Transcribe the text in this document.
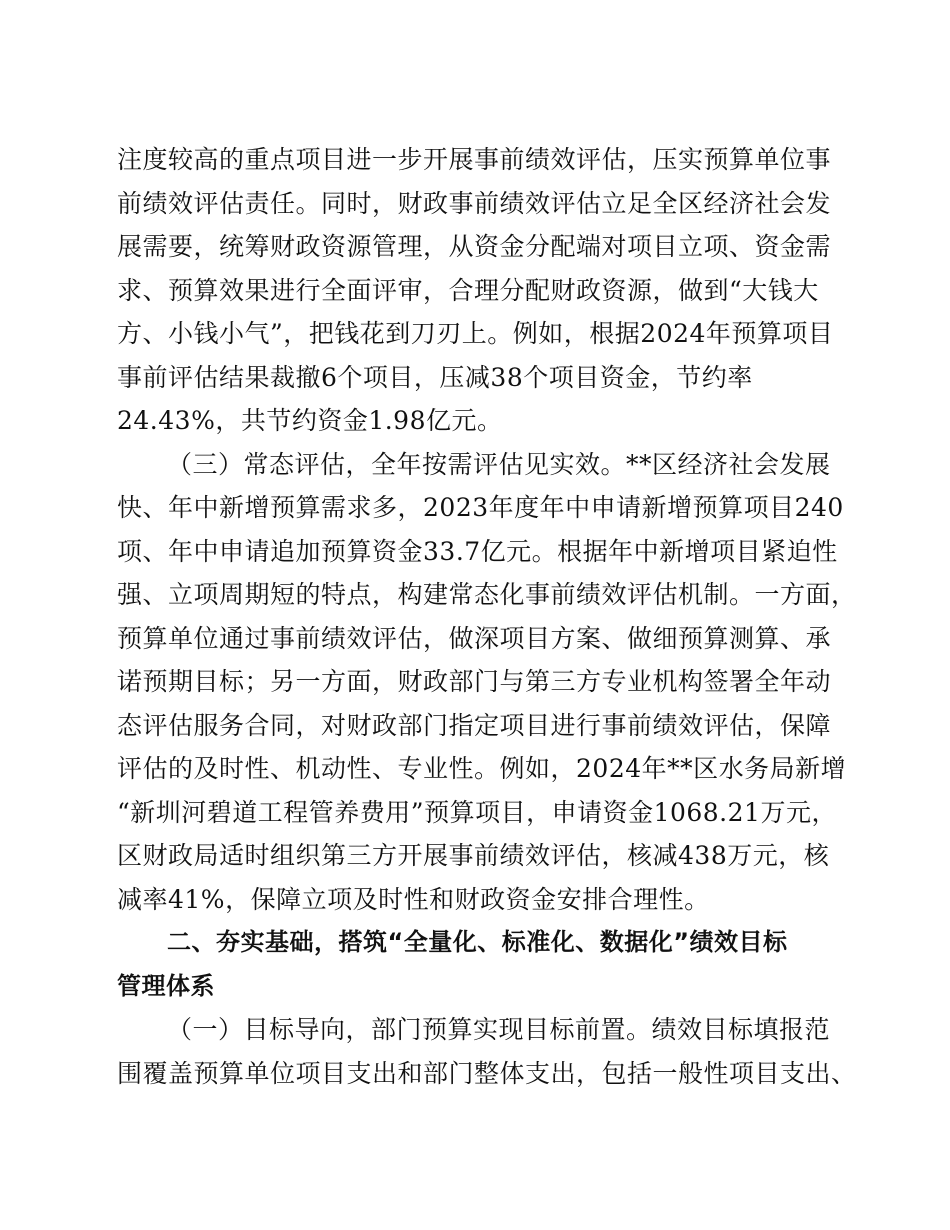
注度较高的重点项目进一步开展事前绩效评估，压实预算单位事
前绩效评估责任。同时，财政事前绩效评估立足全区经济社会发
展需要，统筹财政资源管理，从资金分配端对项目立项、资金需
求、预算效果进行全面评审，合理分配财政资源，做到“大钱大
方、小钱小气”，把钱花到刀刃上。例如，根据2024年预算项目
事前评估结果裁撤6个项目，压减38个项目资金，节约率
24.43%，共节约资金1.98亿元。
（三）常态评估，全年按需评估见实效。**区经济社会发展
快、年中新增预算需求多，2023年度年中申请新增预算项目240
项、年中申请追加预算资金33.7亿元。根据年中新增项目紧迫性
强、立项周期短的特点，构建常态化事前绩效评估机制。一方面，
预算单位通过事前绩效评估，做深项目方案、做细预算测算、承
诺预期目标；另一方面，财政部门与第三方专业机构签署全年动
态评估服务合同，对财政部门指定项目进行事前绩效评估，保障
评估的及时性、机动性、专业性。例如，2024年**区水务局新增
“新圳河碧道工程管养费用”预算项目，申请资金1068.21万元，
区财政局适时组织第三方开展事前绩效评估，核减438万元，核
减率41%，保障立项及时性和财政资金安排合理性。
二、夯实基础，搭筑“全量化、标准化、数据化”绩效目标
管理体系
（一）目标导向，部门预算实现目标前置。绩效目标填报范
围覆盖预算单位项目支出和部门整体支出，包括一般性项目支出、
